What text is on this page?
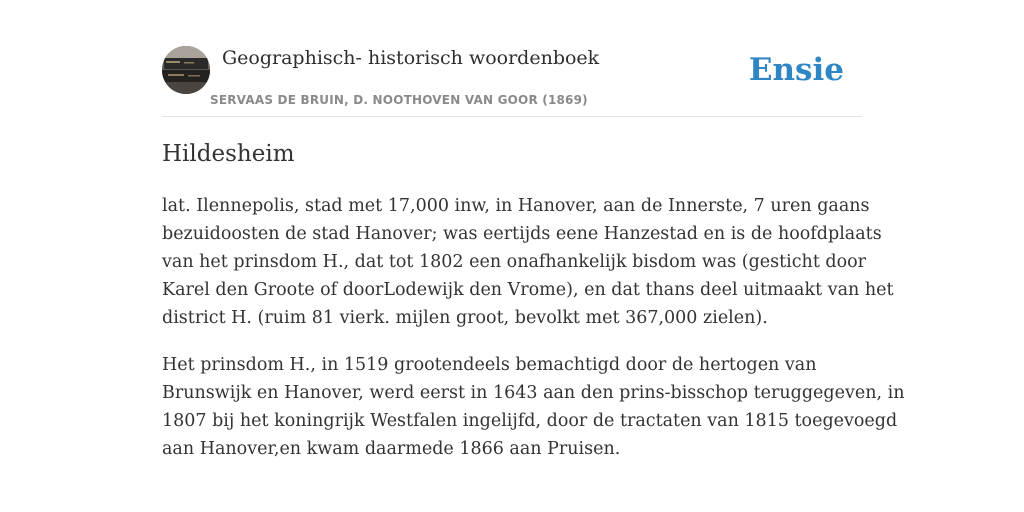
Geographisch- historisch woordenboek
SERVAAS DE BRUIN, D. NOOTHOVEN VAN GOOR (1869)
Ensie
Hildesheim

lat. Ilennepolis, stad met 17,000 inw, in Hanover, aan de Innerste, 7 uren gaans
bezuidoosten de stad Hanover; was eertijds eene Hanzestad en is de hoofdplaats
van het prinsdom H., dat tot 1802 een onafhankelijk bisdom was (gesticht door
Karel den Groote of doorLodewijk den Vrome), en dat thans deel uitmaakt van het
district H. (ruim 81 vierk. mijlen groot, bevolkt met 367,000 zielen).

Het prinsdom H., in 1519 grootendeels bemachtigd door de hertogen van
Brunswijk en Hanover, werd eerst in 1643 aan den prins-bisschop teruggegeven, in
1807 bij het koningrijk Westfalen ingelijfd, door de tractaten van 1815 toegevoegd
aan Hanover,en kwam daarmede 1866 aan Pruisen.
